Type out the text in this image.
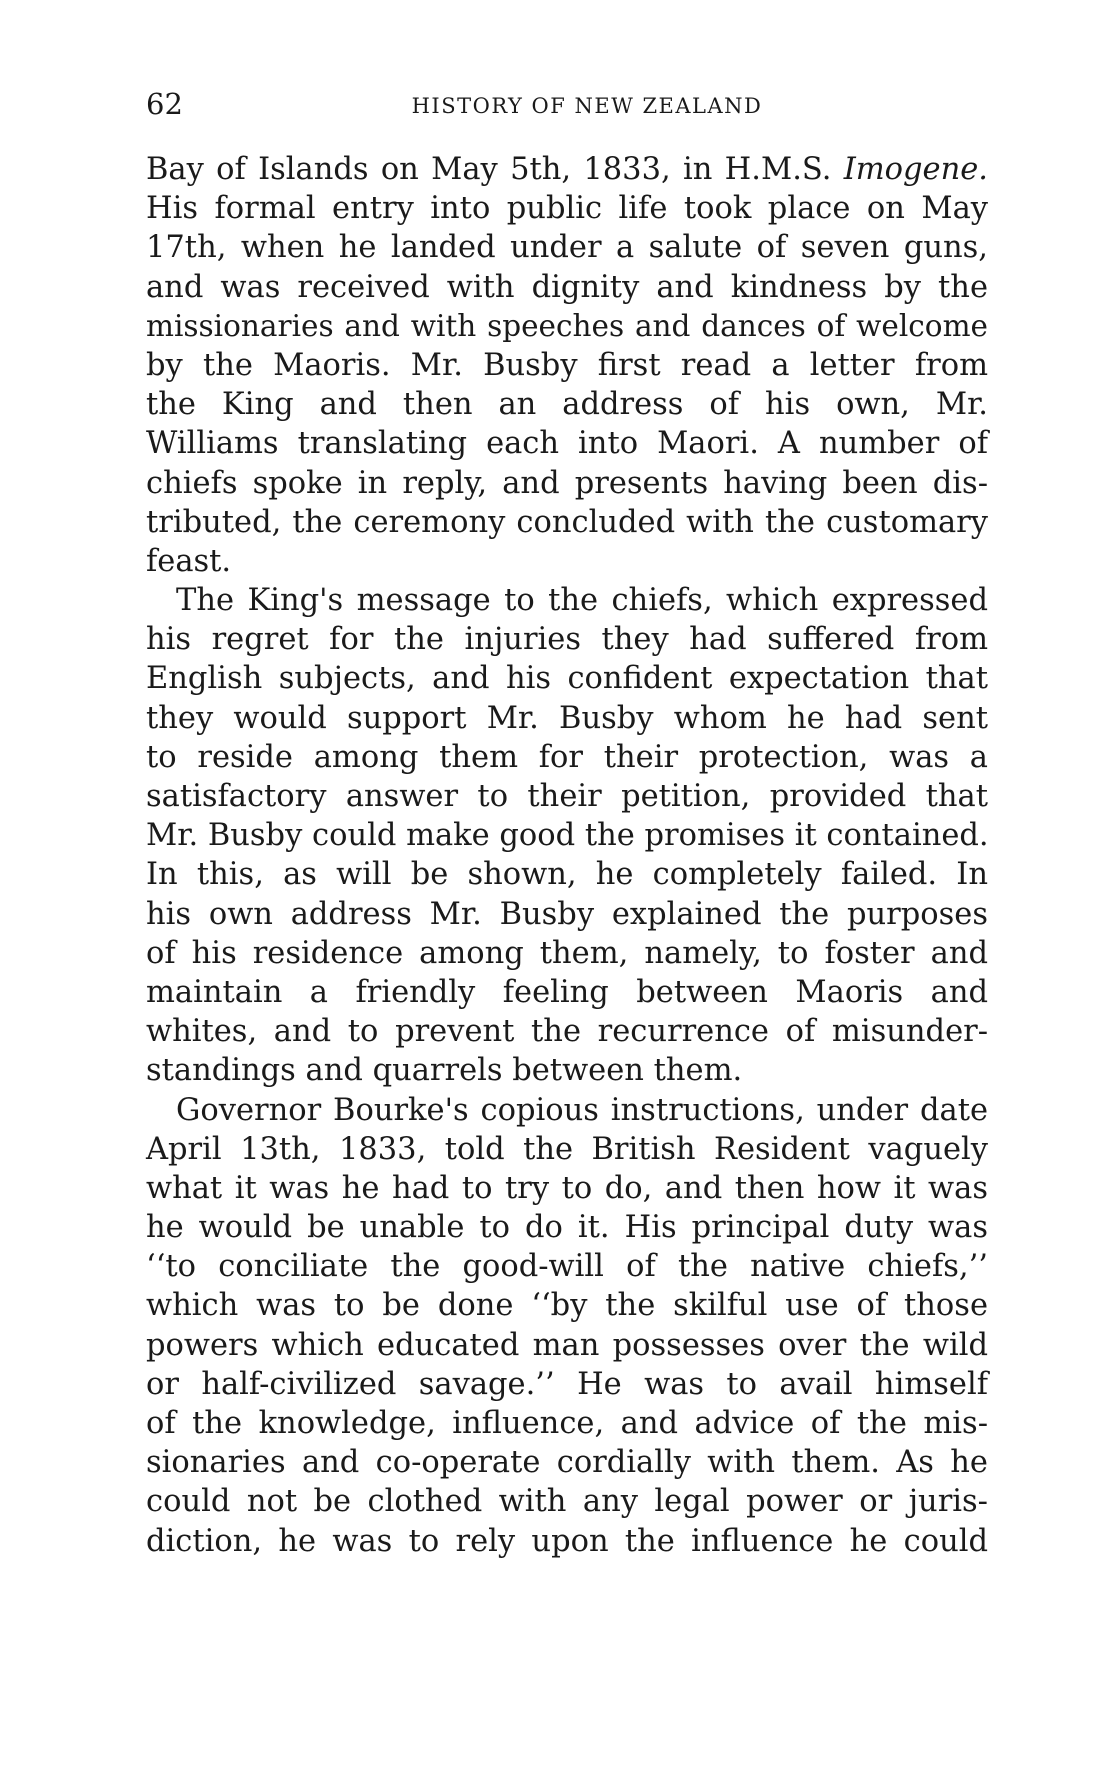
62	HISTORY OF NEW ZEALAND
Bay of Islands on May 5th, 1833, in H.M.S. Imogene.
His formal entry into public life took place on May
17th, when he landed under a salute of seven guns,
and was received with dignity and kindness by the
missionaries and with speeches and dances of welcome
by the Maoris. Mr. Busby first read a letter from
the King and then an address of his own, Mr.
Williams translating each into Maori. A number of
chiefs spoke in reply, and presents having been dis-
tributed, the ceremony concluded with the customary
feast.
The King's message to the chiefs, which expressed
his regret for the injuries they had suffered from
English subjects, and his confident expectation that
they would support Mr. Busby whom he had sent
to reside among them for their protection, was a
satisfactory answer to their petition, provided that
Mr. Busby could make good the promises it contained.
In this, as will be shown, he completely failed. In
his own address Mr. Busby explained the purposes
of his residence among them, namely, to foster and
maintain a friendly feeling between Maoris and
whites, and to prevent the recurrence of misunder-
standings and quarrels between them.
Governor Bourke's copious instructions, under date
April 13th, 1833, told the British Resident vaguely
what it was he had to try to do, and then how it was
he would be unable to do it. His principal duty was
‘‘to conciliate the good-will of the native chiefs,’’
which was to be done ‘‘by the skilful use of those
powers which educated man possesses over the wild
or half-civilized savage.’’ He was to avail himself
of the knowledge, influence, and advice of the mis-
sionaries and co-operate cordially with them. As he
could not be clothed with any legal power or juris-
diction, he was to rely upon the influence he could
